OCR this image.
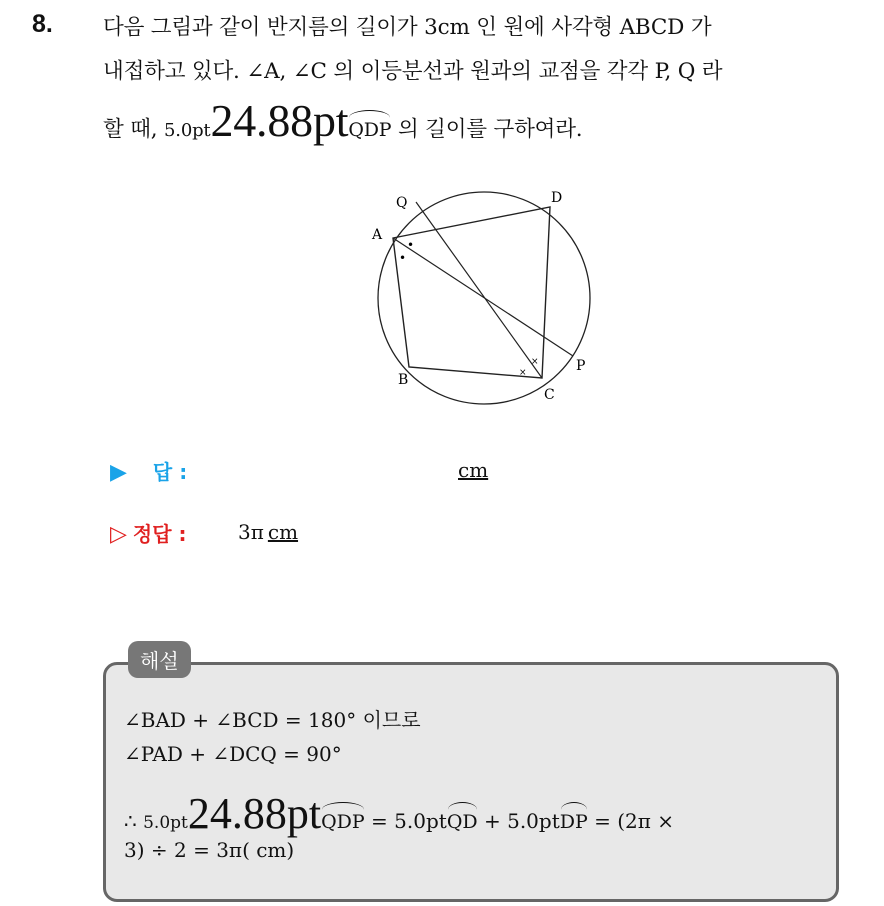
8. 다음 그림과 같이 반지름의 길이가 3cm 인 원에 사각형 ABCD 가
내접하고 있다. ∠A, ∠C 의 이등분선과 원과의 교점을 각각 P, Q 라
할 때, 5.0pt24.88ptQDP 의 길이를 구하여라.
Q	D
A
B
C
P
•
•
×
×
▶ 답 :	cm
▷ 정답 :	3π cm
해설
∠BAD + ∠BCD = 180° 이므로
∠PAD + ∠DCQ = 90°
∴ 5.0pt24.88ptQDP = 5.0ptQD + 5.0ptDP = (2π ×
3) ÷ 2 = 3π( cm)
